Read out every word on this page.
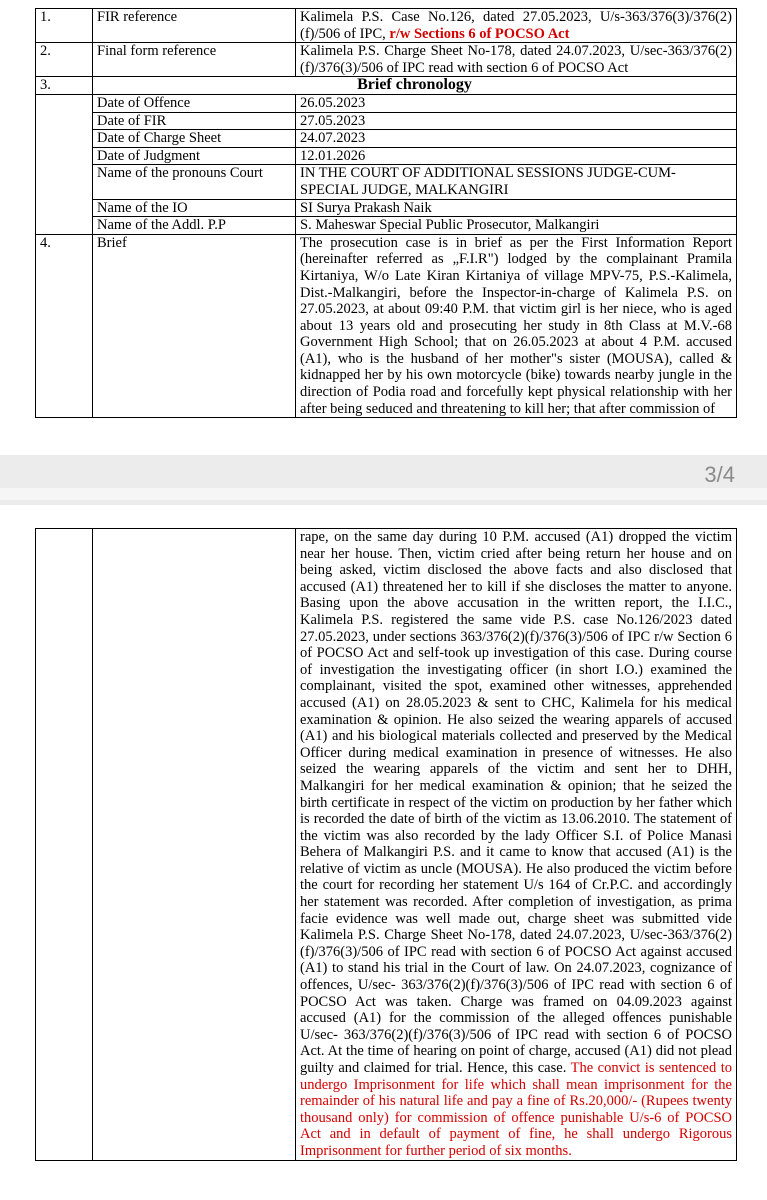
1.	FIR reference	Kalimela P.S. Case No.126, dated 27.05.2023, U/s-363/376(3)/376(2)(f)/506 of IPC, r/w Sections 6 of POCSO Act
2.	Final form reference	Kalimela P.S. Charge Sheet No-178, dated 24.07.2023, U/sec-363/376(2)(f)/376(3)/506 of IPC read with section 6 of POCSO Act
3.	Brief chronology	
	Date of Offence	26.05.2023
	Date of FIR	27.05.2023
	Date of Charge Sheet	24.07.2023
	Date of Judgment	12.01.2026
	Name of the pronouns Court	IN THE COURT OF ADDITIONAL SESSIONS JUDGE-CUM-SPECIAL JUDGE, MALKANGIRI
	Name of the IO	SI Surya Prakash Naik
	Name of the Addl. P.P	S. Maheswar Special Public Prosecutor, Malkangiri
4.	Brief	The prosecution case is in brief as per the First Information Report (hereinafter referred as „F.I.R") lodged by the complainant Pramila Kirtaniya, W/o Late Kiran Kirtaniya of village MPV-75, P.S.-Kalimela, Dist.-Malkangiri, before the Inspector-in-charge of Kalimela P.S. on 27.05.2023, at about 09:40 P.M. that victim girl is her niece, who is aged about 13 years old and prosecuting her study in 8th Class at M.V.-68 Government High School; that on 26.05.2023 at about 4 P.M. accused (A1), who is the husband of her mother"s sister (MOUSA), called & kidnapped her by his own motorcycle (bike) towards nearby jungle in the direction of Podia road and forcefully kept physical relationship with her after being seduced and threatening to kill her; that after commission of
3/4
		rape, on the same day during 10 P.M. accused (A1) dropped the victim near her house. Then, victim cried after being return her house and on being asked, victim disclosed the above facts and also disclosed that accused (A1) threatened her to kill if she discloses the matter to anyone. Basing upon the above accusation in the written report, the I.I.C., Kalimela P.S. registered the same vide P.S. case No.126/2023 dated 27.05.2023, under sections 363/376(2)(f)/376(3)/506 of IPC r/w Section 6 of POCSO Act and self-took up investigation of this case. During course of investigation the investigating officer (in short I.O.) examined the complainant, visited the spot, examined other witnesses, apprehended accused (A1) on 28.05.2023 & sent to CHC, Kalimela for his medical examination & opinion. He also seized the wearing apparels of accused (A1) and his biological materials collected and preserved by the Medical Officer during medical examination in presence of witnesses. He also seized the wearing apparels of the victim and sent her to DHH, Malkangiri for her medical examination & opinion; that he seized the birth certificate in respect of the victim on production by her father which is recorded the date of birth of the victim as 13.06.2010. The statement of the victim was also recorded by the lady Officer S.I. of Police Manasi Behera of Malkangiri P.S. and it came to know that accused (A1) is the relative of victim as uncle (MOUSA). He also produced the victim before the court for recording her statement U/s 164 of Cr.P.C. and accordingly her statement was recorded. After completion of investigation, as prima facie evidence was well made out, charge sheet was submitted vide Kalimela P.S. Charge Sheet No-178, dated 24.07.2023, U/sec-363/376(2)(f)/376(3)/506 of IPC read with section 6 of POCSO Act against accused (A1) to stand his trial in the Court of law. On 24.07.2023, cognizance of offences, U/sec- 363/376(2)(f)/376(3)/506 of IPC read with section 6 of POCSO Act was taken. Charge was framed on 04.09.2023 against accused (A1) for the commission of the alleged offences punishable U/sec- 363/376(2)(f)/376(3)/506 of IPC read with section 6 of POCSO Act. At the time of hearing on point of charge, accused (A1) did not plead guilty and claimed for trial. Hence, this case. The convict is sentenced to undergo Imprisonment for life which shall mean imprisonment for the remainder of his natural life and pay a fine of Rs.20,000/- (Rupees twenty thousand only) for commission of offence punishable U/s-6 of POCSO Act and in default of payment of fine, he shall undergo Rigorous Imprisonment for further period of six months.
